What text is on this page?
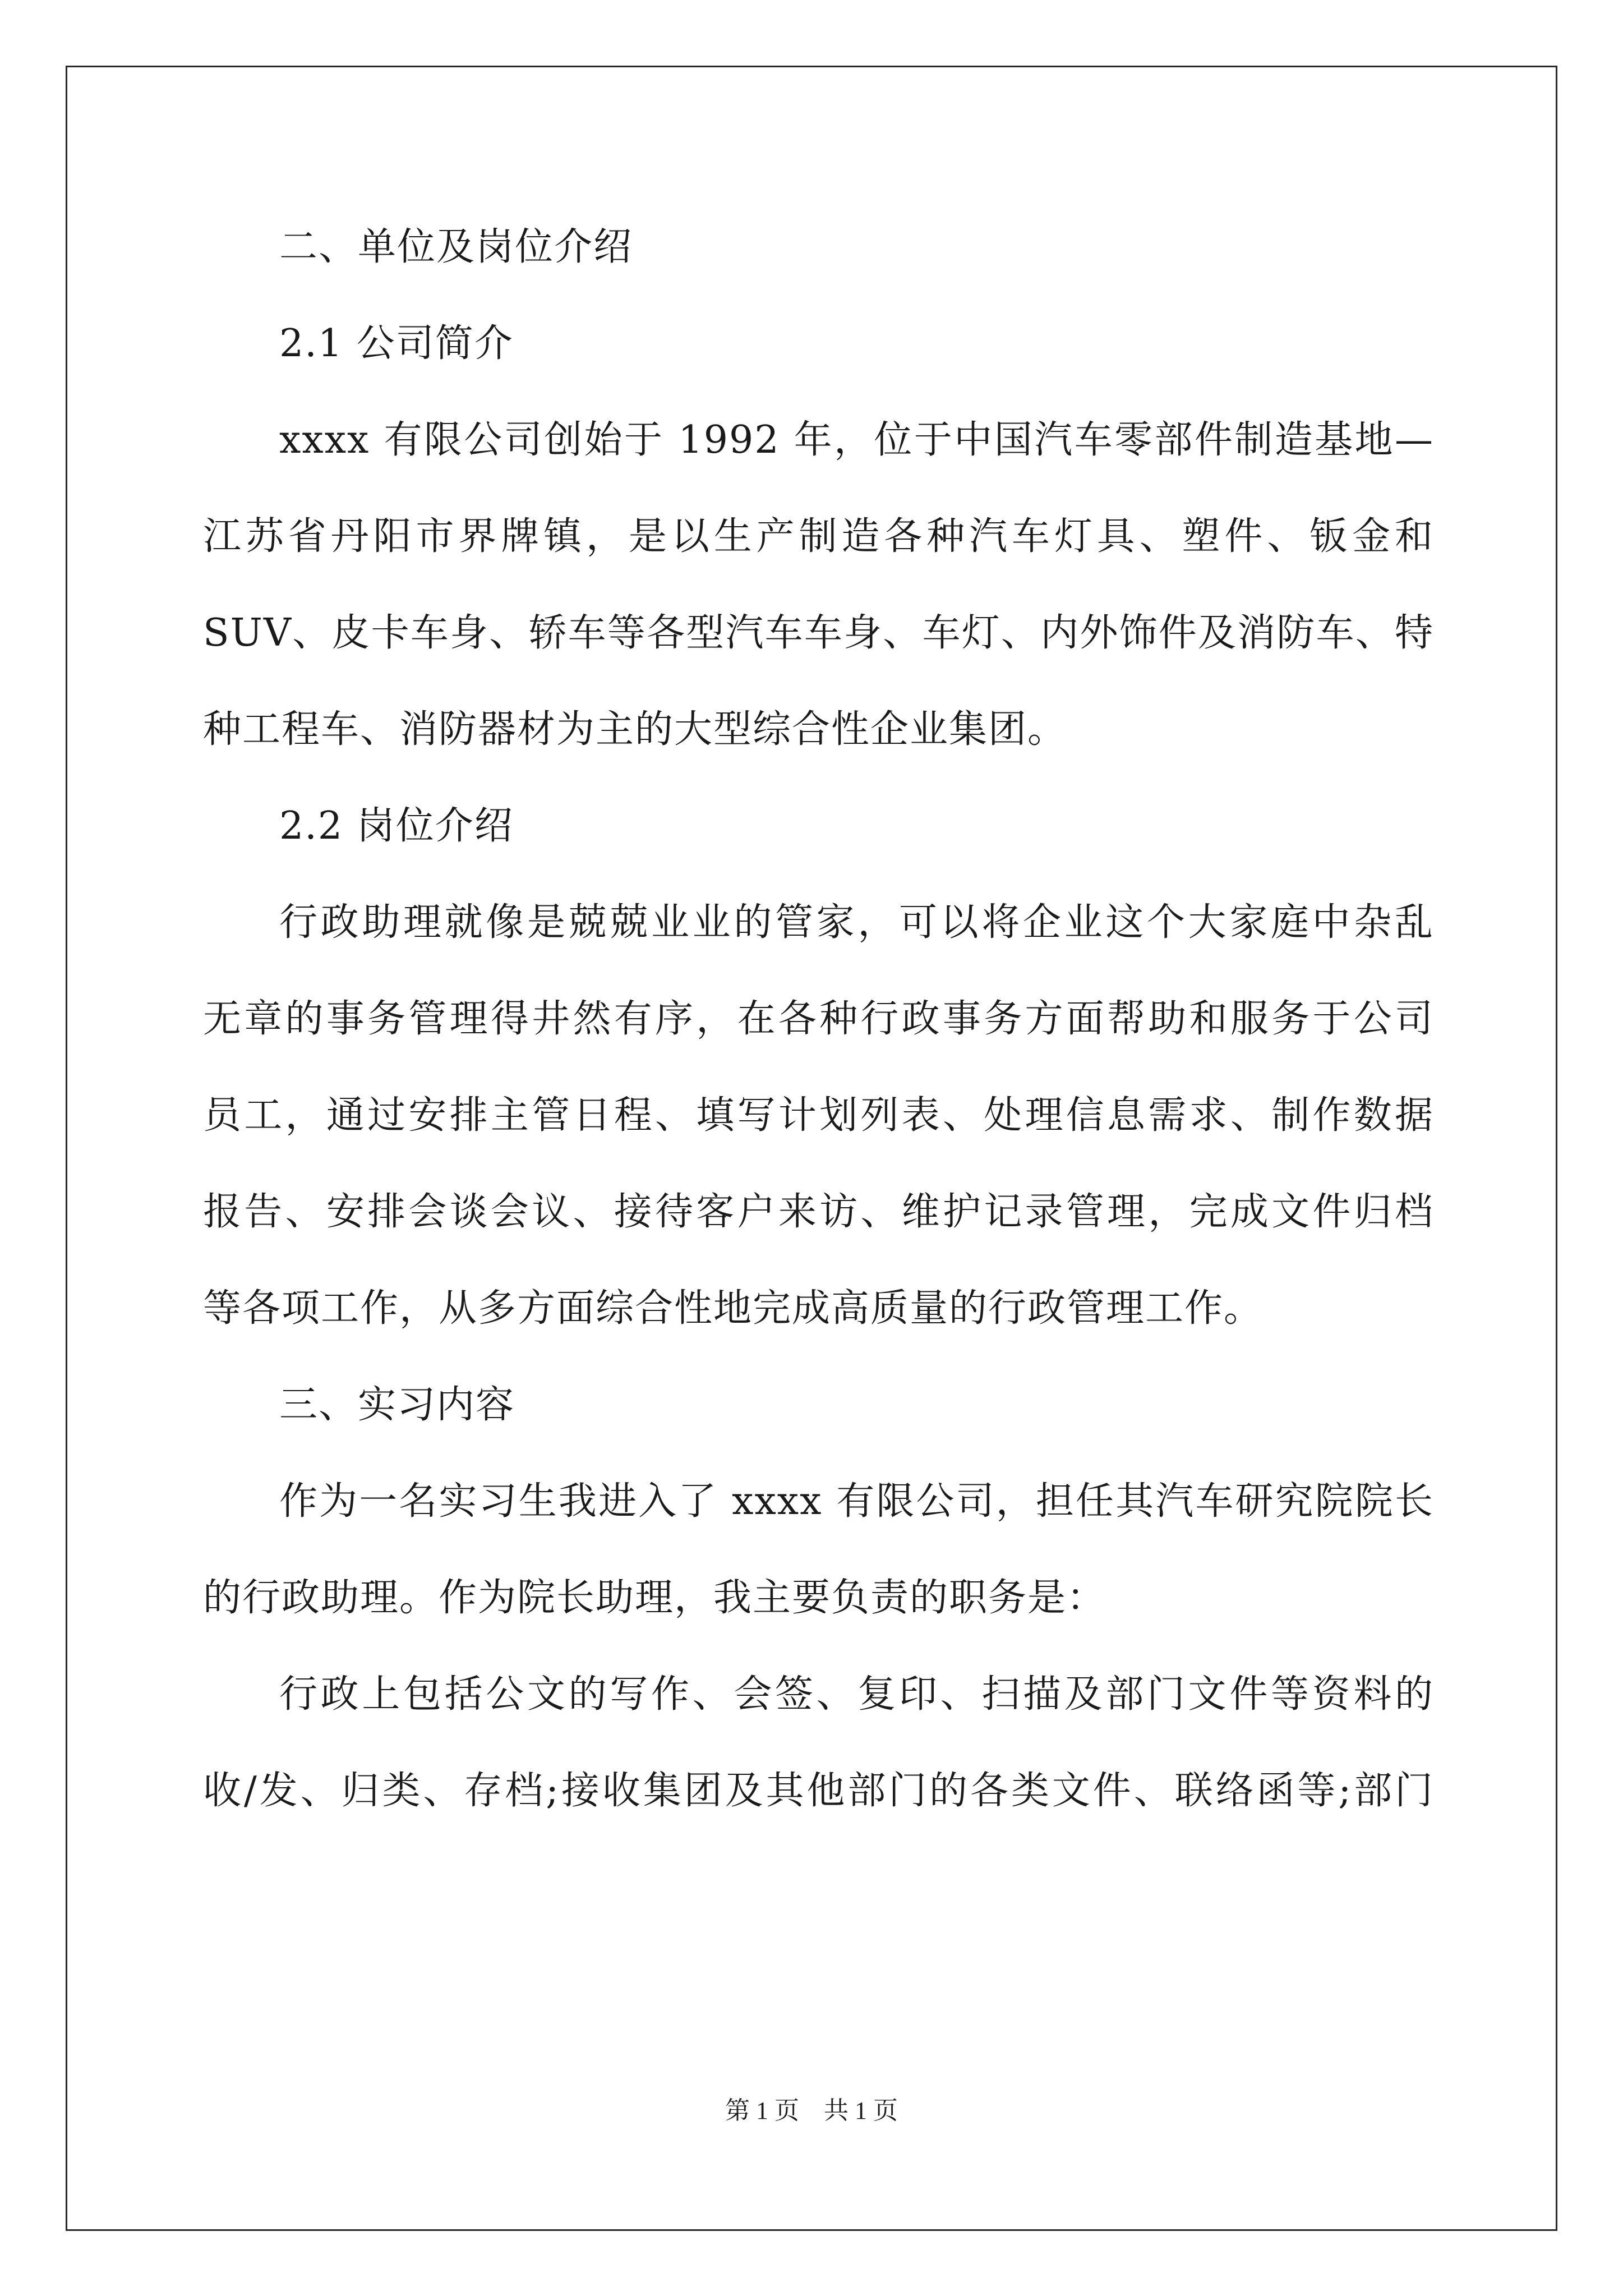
二、单位及岗位介绍
2.1 公司简介
xxxx 有限公司创始于 1992 年，位于中国汽车零部件制造基地—
江苏省丹阳市界牌镇，是以生产制造各种汽车灯具、塑件、钣金和
SUV、皮卡车身、轿车等各型汽车车身、车灯、内外饰件及消防车、特
种工程车、消防器材为主的大型综合性企业集团。
2.2 岗位介绍
行政助理就像是兢兢业业的管家，可以将企业这个大家庭中杂乱
无章的事务管理得井然有序，在各种行政事务方面帮助和服务于公司
员工，通过安排主管日程、填写计划列表、处理信息需求、制作数据
报告、安排会谈会议、接待客户来访、维护记录管理，完成文件归档
等各项工作，从多方面综合性地完成高质量的行政管理工作。
三、实习内容
作为一名实习生我进入了 xxxx 有限公司，担任其汽车研究院院长
的行政助理。作为院长助理，我主要负责的职务是：
行政上包括公文的写作、会签、复印、扫描及部门文件等资料的
收/发、归类、存档;接收集团及其他部门的各类文件、联络函等;部门
第 1 页    共 1 页
